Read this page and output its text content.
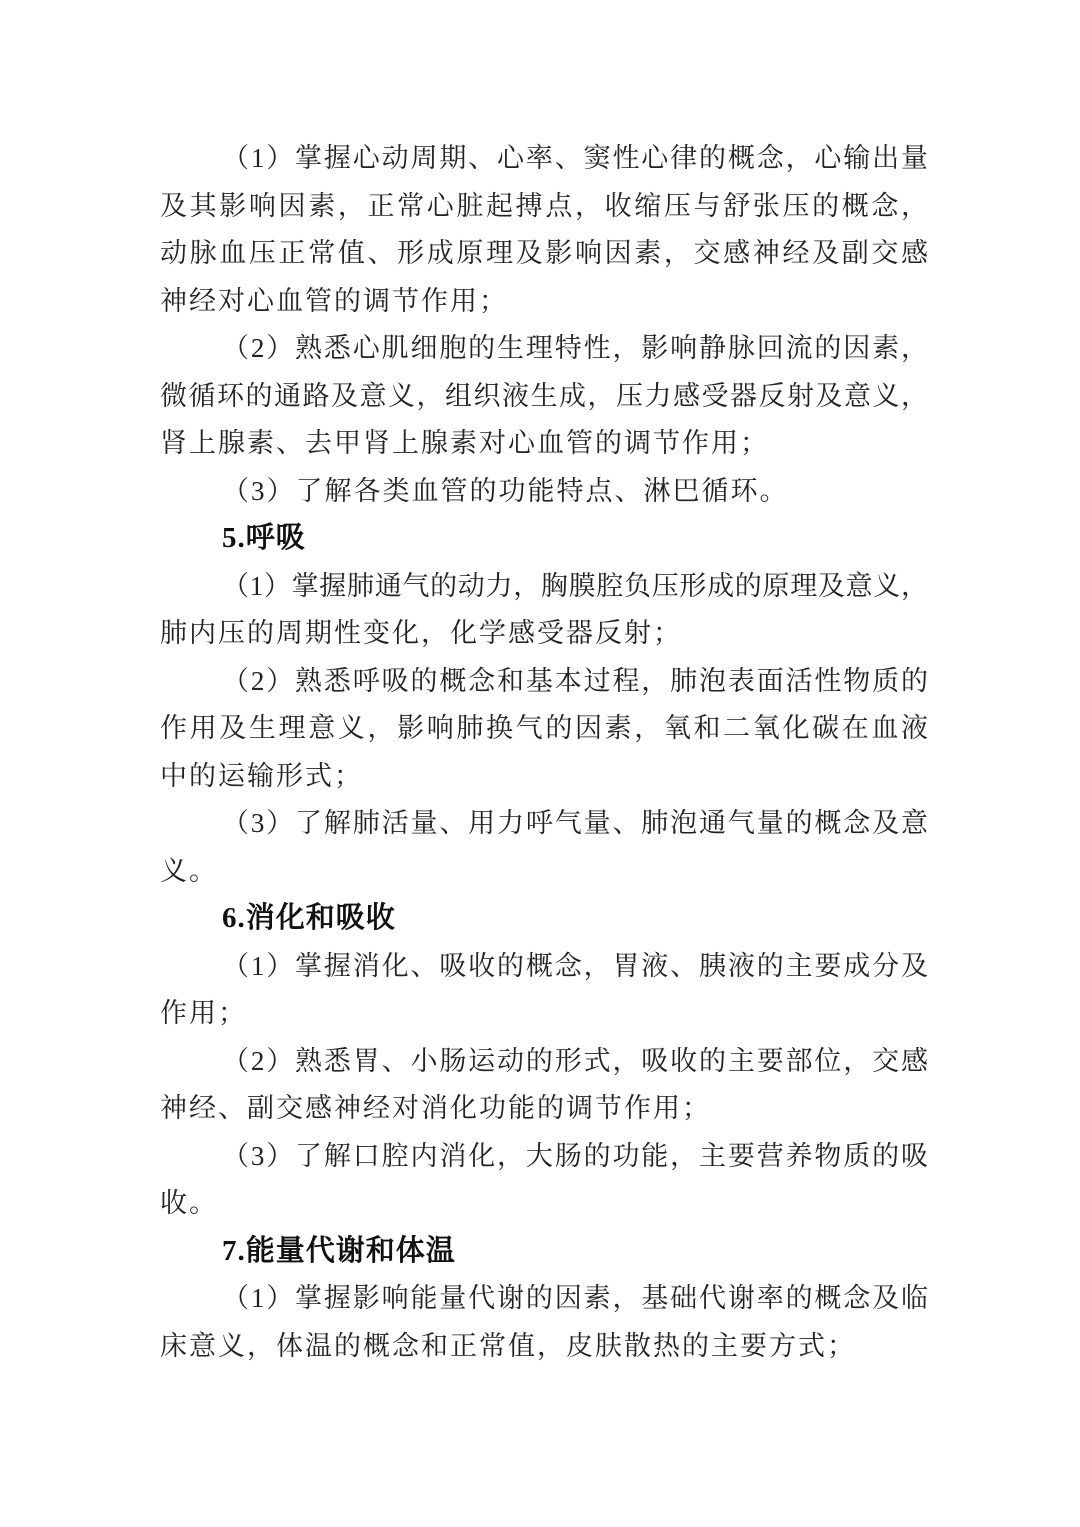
（1）掌握心动周期、心率、窦性心律的概念，心输出量
及其影响因素，正常心脏起搏点，收缩压与舒张压的概念，
动脉血压正常值、形成原理及影响因素，交感神经及副交感
神经对心血管的调节作用；
（2）熟悉心肌细胞的生理特性，影响静脉回流的因素，
微循环的通路及意义，组织液生成，压力感受器反射及意义，
肾上腺素、去甲肾上腺素对心血管的调节作用；
（3）了解各类血管的功能特点、淋巴循环。
5.呼吸
（1）掌握肺通气的动力，胸膜腔负压形成的原理及意义，
肺内压的周期性变化，化学感受器反射；
（2）熟悉呼吸的概念和基本过程，肺泡表面活性物质的
作用及生理意义，影响肺换气的因素，氧和二氧化碳在血液
中的运输形式；
（3）了解肺活量、用力呼气量、肺泡通气量的概念及意
义。
6.消化和吸收
（1）掌握消化、吸收的概念，胃液、胰液的主要成分及
作用；
（2）熟悉胃、小肠运动的形式，吸收的主要部位，交感
神经、副交感神经对消化功能的调节作用；
（3）了解口腔内消化，大肠的功能，主要营养物质的吸
收。
7.能量代谢和体温
（1）掌握影响能量代谢的因素，基础代谢率的概念及临
床意义，体温的概念和正常值，皮肤散热的主要方式；
